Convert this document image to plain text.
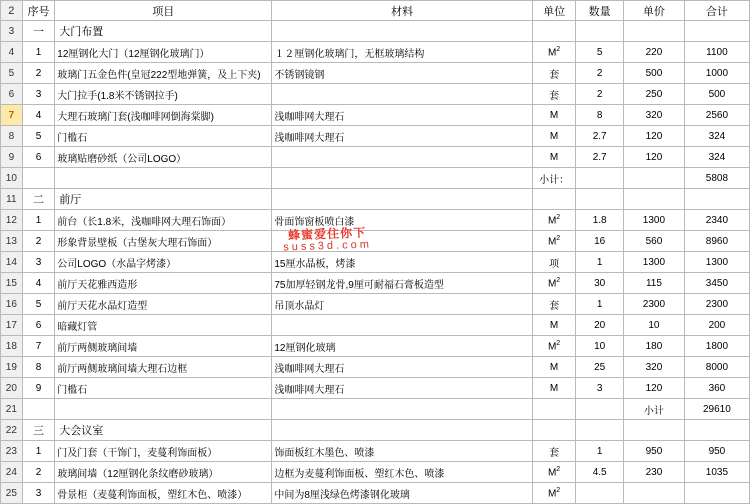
2	序号	项目	材料	单位	数量	单价	合计
3	一	大门布置					
4	1	12厘钢化大门（12厘钢化玻璃门）	１２厘钢化玻璃门，无框玻璃结构	$M^2$	5	220	1100
5	2	玻璃门五金色件(皇冠222型地弹簧，及上下夹)	不锈钢镜钢	套	2	500	1000
6	3	大门拉手(1.8米不锈钢拉手)		套	2	250	500
7	4	大理石玻璃门套(浅咖啡网倒海棠脚)	浅咖啡网大理石	M	8	320	2560
8	5	门槛石	浅咖啡网大理石	M	2.7	120	324
9	6	玻璃贴磨砂纸（公司LOGO）		M	2.7	120	324
10				小计：			5808
11	二	前厅					
12	1	前台（长1.8米，浅咖啡网大理石饰面）	骨面饰窗板喷白漆	$M^2$	1.8	1300	2340
13	2	形象背景壁板（古堡灰大理石饰面）		$M^2$	16	560	8960
14	3	公司LOGO（水晶字烤漆）	15厘水晶板，烤漆	项	1	1300	1300
15	4	前厅天花雅西造形	75加厚轻钢龙骨,9厘可耐福石膏板造型	$M^2$	30	115	3450
16	5	前厅天花水晶灯造型	吊顶水晶灯	套	1	2300	2300
17	6	暗藏灯管		M	20	10	200
18	7	前厅两侧玻璃间墙	12厘钢化玻璃	$M^2$	10	180	1800
19	8	前厅两侧玻璃间墙大理石边框	浅咖啡网大理石	M	25	320	8000
20	9	门槛石	浅咖啡网大理石	M	3	120	360
21						小计	29610
22	三	大会议室					
23	1	门及门套（干饰门，麦蔓利饰面板）	饰面板红木墨色、喷漆	套	1	950	950
24	2	玻璃间墙（12厘钢化条纹磨砂玻璃）	边框为麦蔓利饰面板、塑红木色、喷漆	$M^2$	4.5	230	1035
25	3	骨景柜（麦蔓利饰面板，塑红木色、喷漆）	中间为8厘浅绿色烤漆钢化玻璃	$M^2$			
蜂蜜爱住你下
suss3d.com
